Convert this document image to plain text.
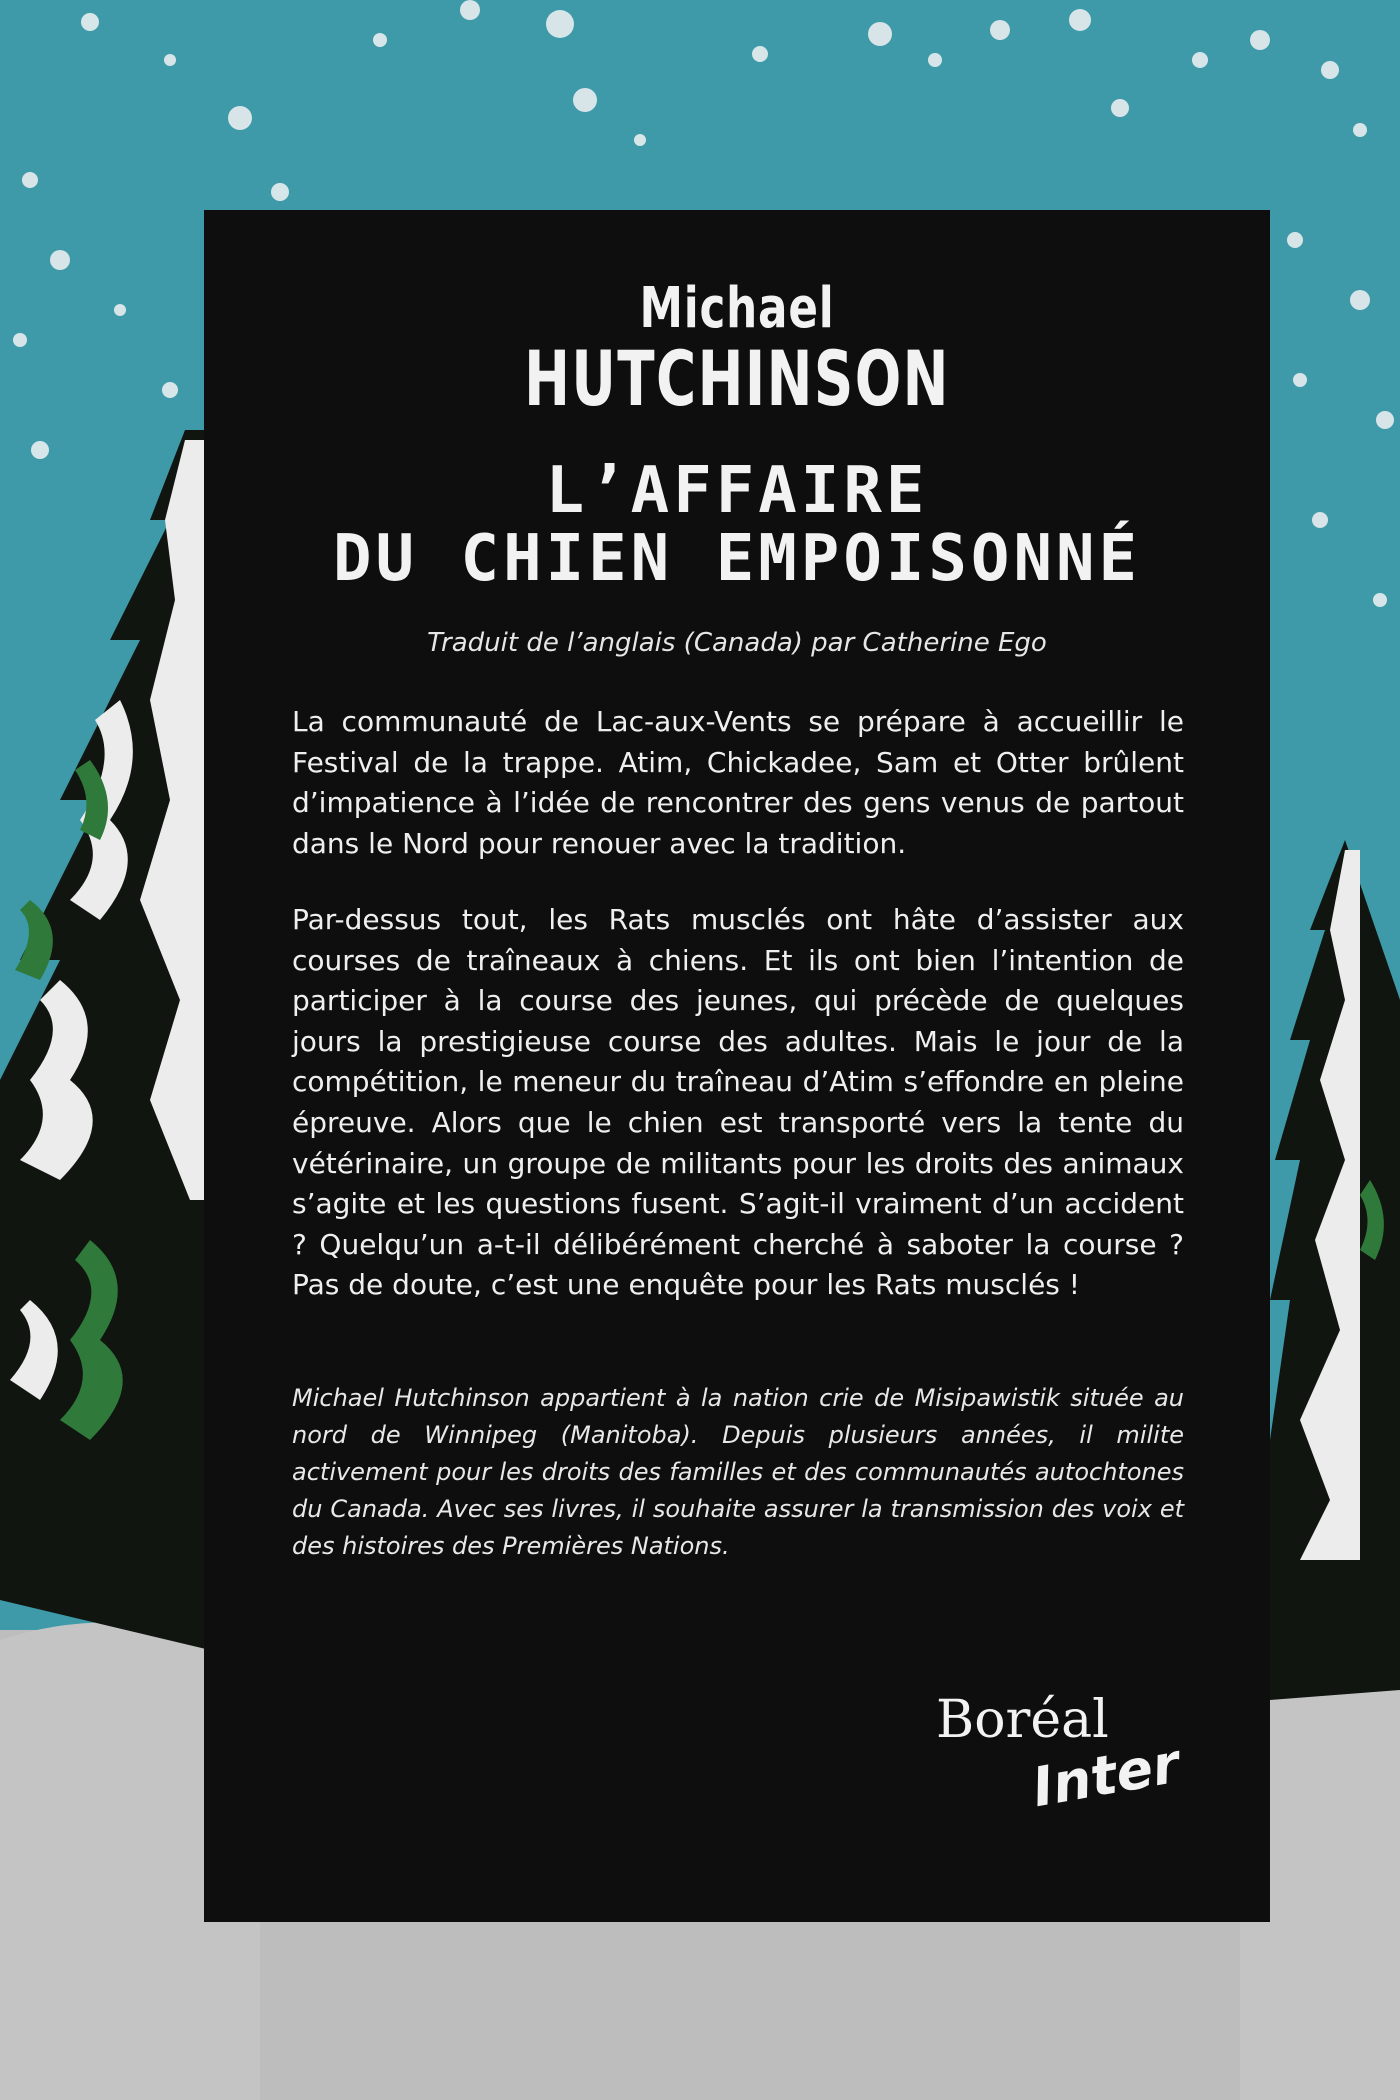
Michael
HUTCHINSON
L’AFFAIRE
DU CHIEN EMPOISONNÉ
Traduit de l’anglais (Canada) par Catherine Ego
La communauté de Lac-aux-Vents se prépare à accueillir le Festival de la trappe. Atim, Chickadee, Sam et Otter brûlent d’impatience à l’idée de rencontrer des gens venus de partout dans le Nord pour renouer avec la tradition.
Par-dessus tout, les Rats musclés ont hâte d’assister aux courses de traîneaux à chiens. Et ils ont bien l’intention de participer à la course des jeunes, qui précède de quelques jours la prestigieuse course des adultes. Mais le jour de la compétition, le meneur du traîneau d’Atim s’effondre en pleine épreuve. Alors que le chien est transporté vers la tente du vétérinaire, un groupe de militants pour les droits des animaux s’agite et les questions fusent. S’agit-il vraiment d’un accident ? Quelqu’un a-t-il délibérément cherché à saboter la course ? Pas de doute, c’est une enquête pour les Rats musclés !
Michael Hutchinson appartient à la nation crie de Misipawistik située au nord de Winnipeg (Manitoba). Depuis plusieurs années, il milite activement pour les droits des familles et des communautés autochtones du Canada. Avec ses livres, il souhaite assurer la transmission des voix et des histoires des Premières Nations.
Boréal
Inter
